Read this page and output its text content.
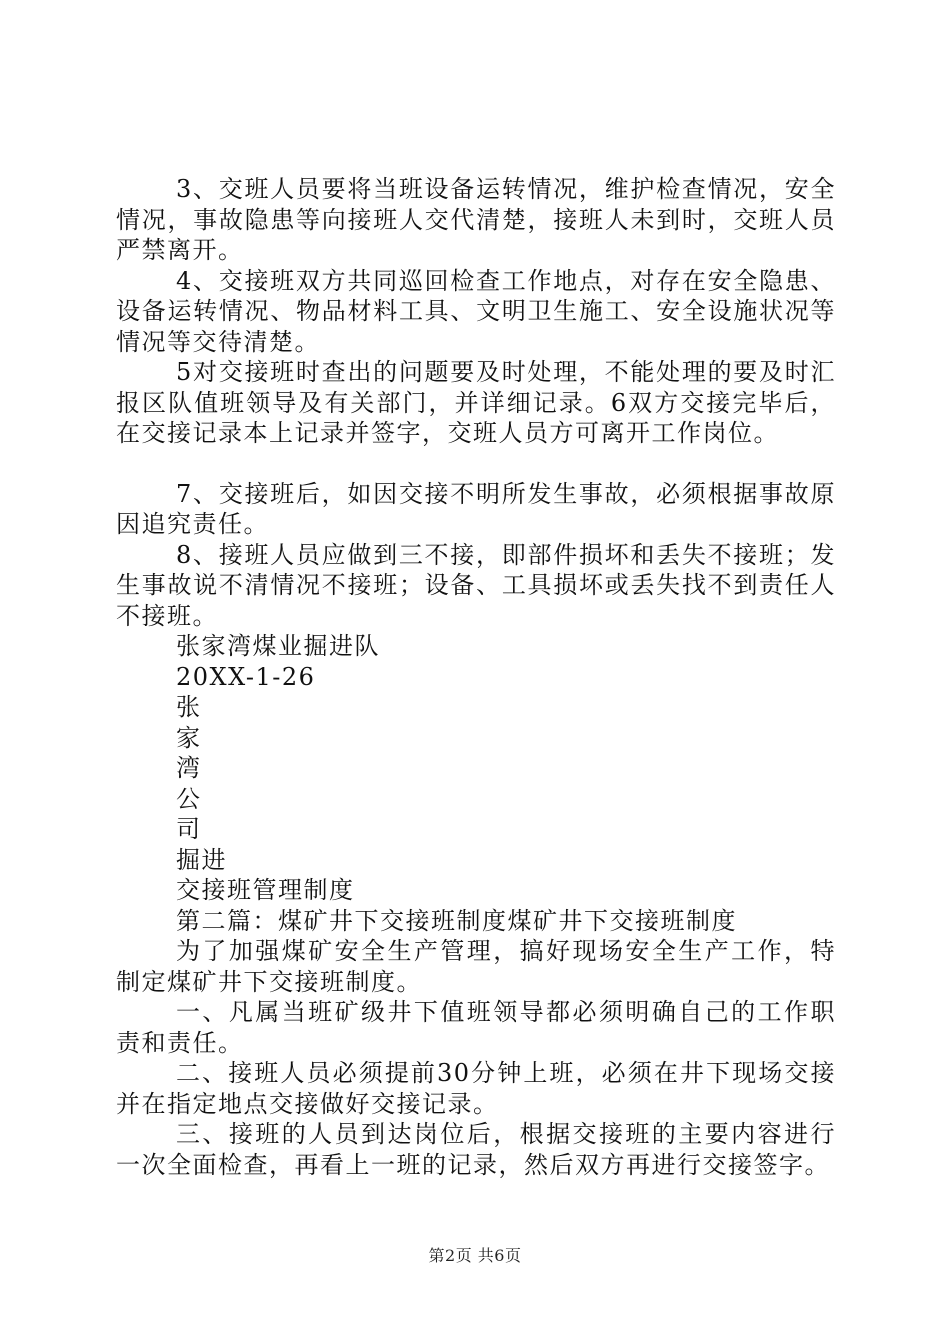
3、交班人员要将当班设备运转情况，维护检查情况，安全情况，事故隐患等向接班人交代清楚，接班人未到时，交班人员严禁离开。

4、交接班双方共同巡回检查工作地点，对存在安全隐患、设备运转情况、物品材料工具、文明卫生施工、安全设施状况等情况等交待清楚。

5对交接班时查出的问题要及时处理，不能处理的要及时汇报区队值班领导及有关部门，并详细记录。6双方交接完毕后，在交接记录本上记录并签字，交班人员方可离开工作岗位。

7、交接班后，如因交接不明所发生事故，必须根据事故原因追究责任。

8、接班人员应做到三不接，即部件损坏和丢失不接班；发生事故说不清情况不接班；设备、工具损坏或丢失找不到责任人不接班。

张家湾煤业掘进队

20XX-1-26

张

家

湾

公

司

掘进

交接班管理制度

第二篇：煤矿井下交接班制度煤矿井下交接班制度

为了加强煤矿安全生产管理，搞好现场安全生产工作，特制定煤矿井下交接班制度。

一、凡属当班矿级井下值班领导都必须明确自己的工作职责和责任。

二、接班人员必须提前30分钟上班，必须在井下现场交接并在指定地点交接做好交接记录。

三、接班的人员到达岗位后，根据交接班的主要内容进行一次全面检查，再看上一班的记录，然后双方再进行交接签字。

第2页 共6页
